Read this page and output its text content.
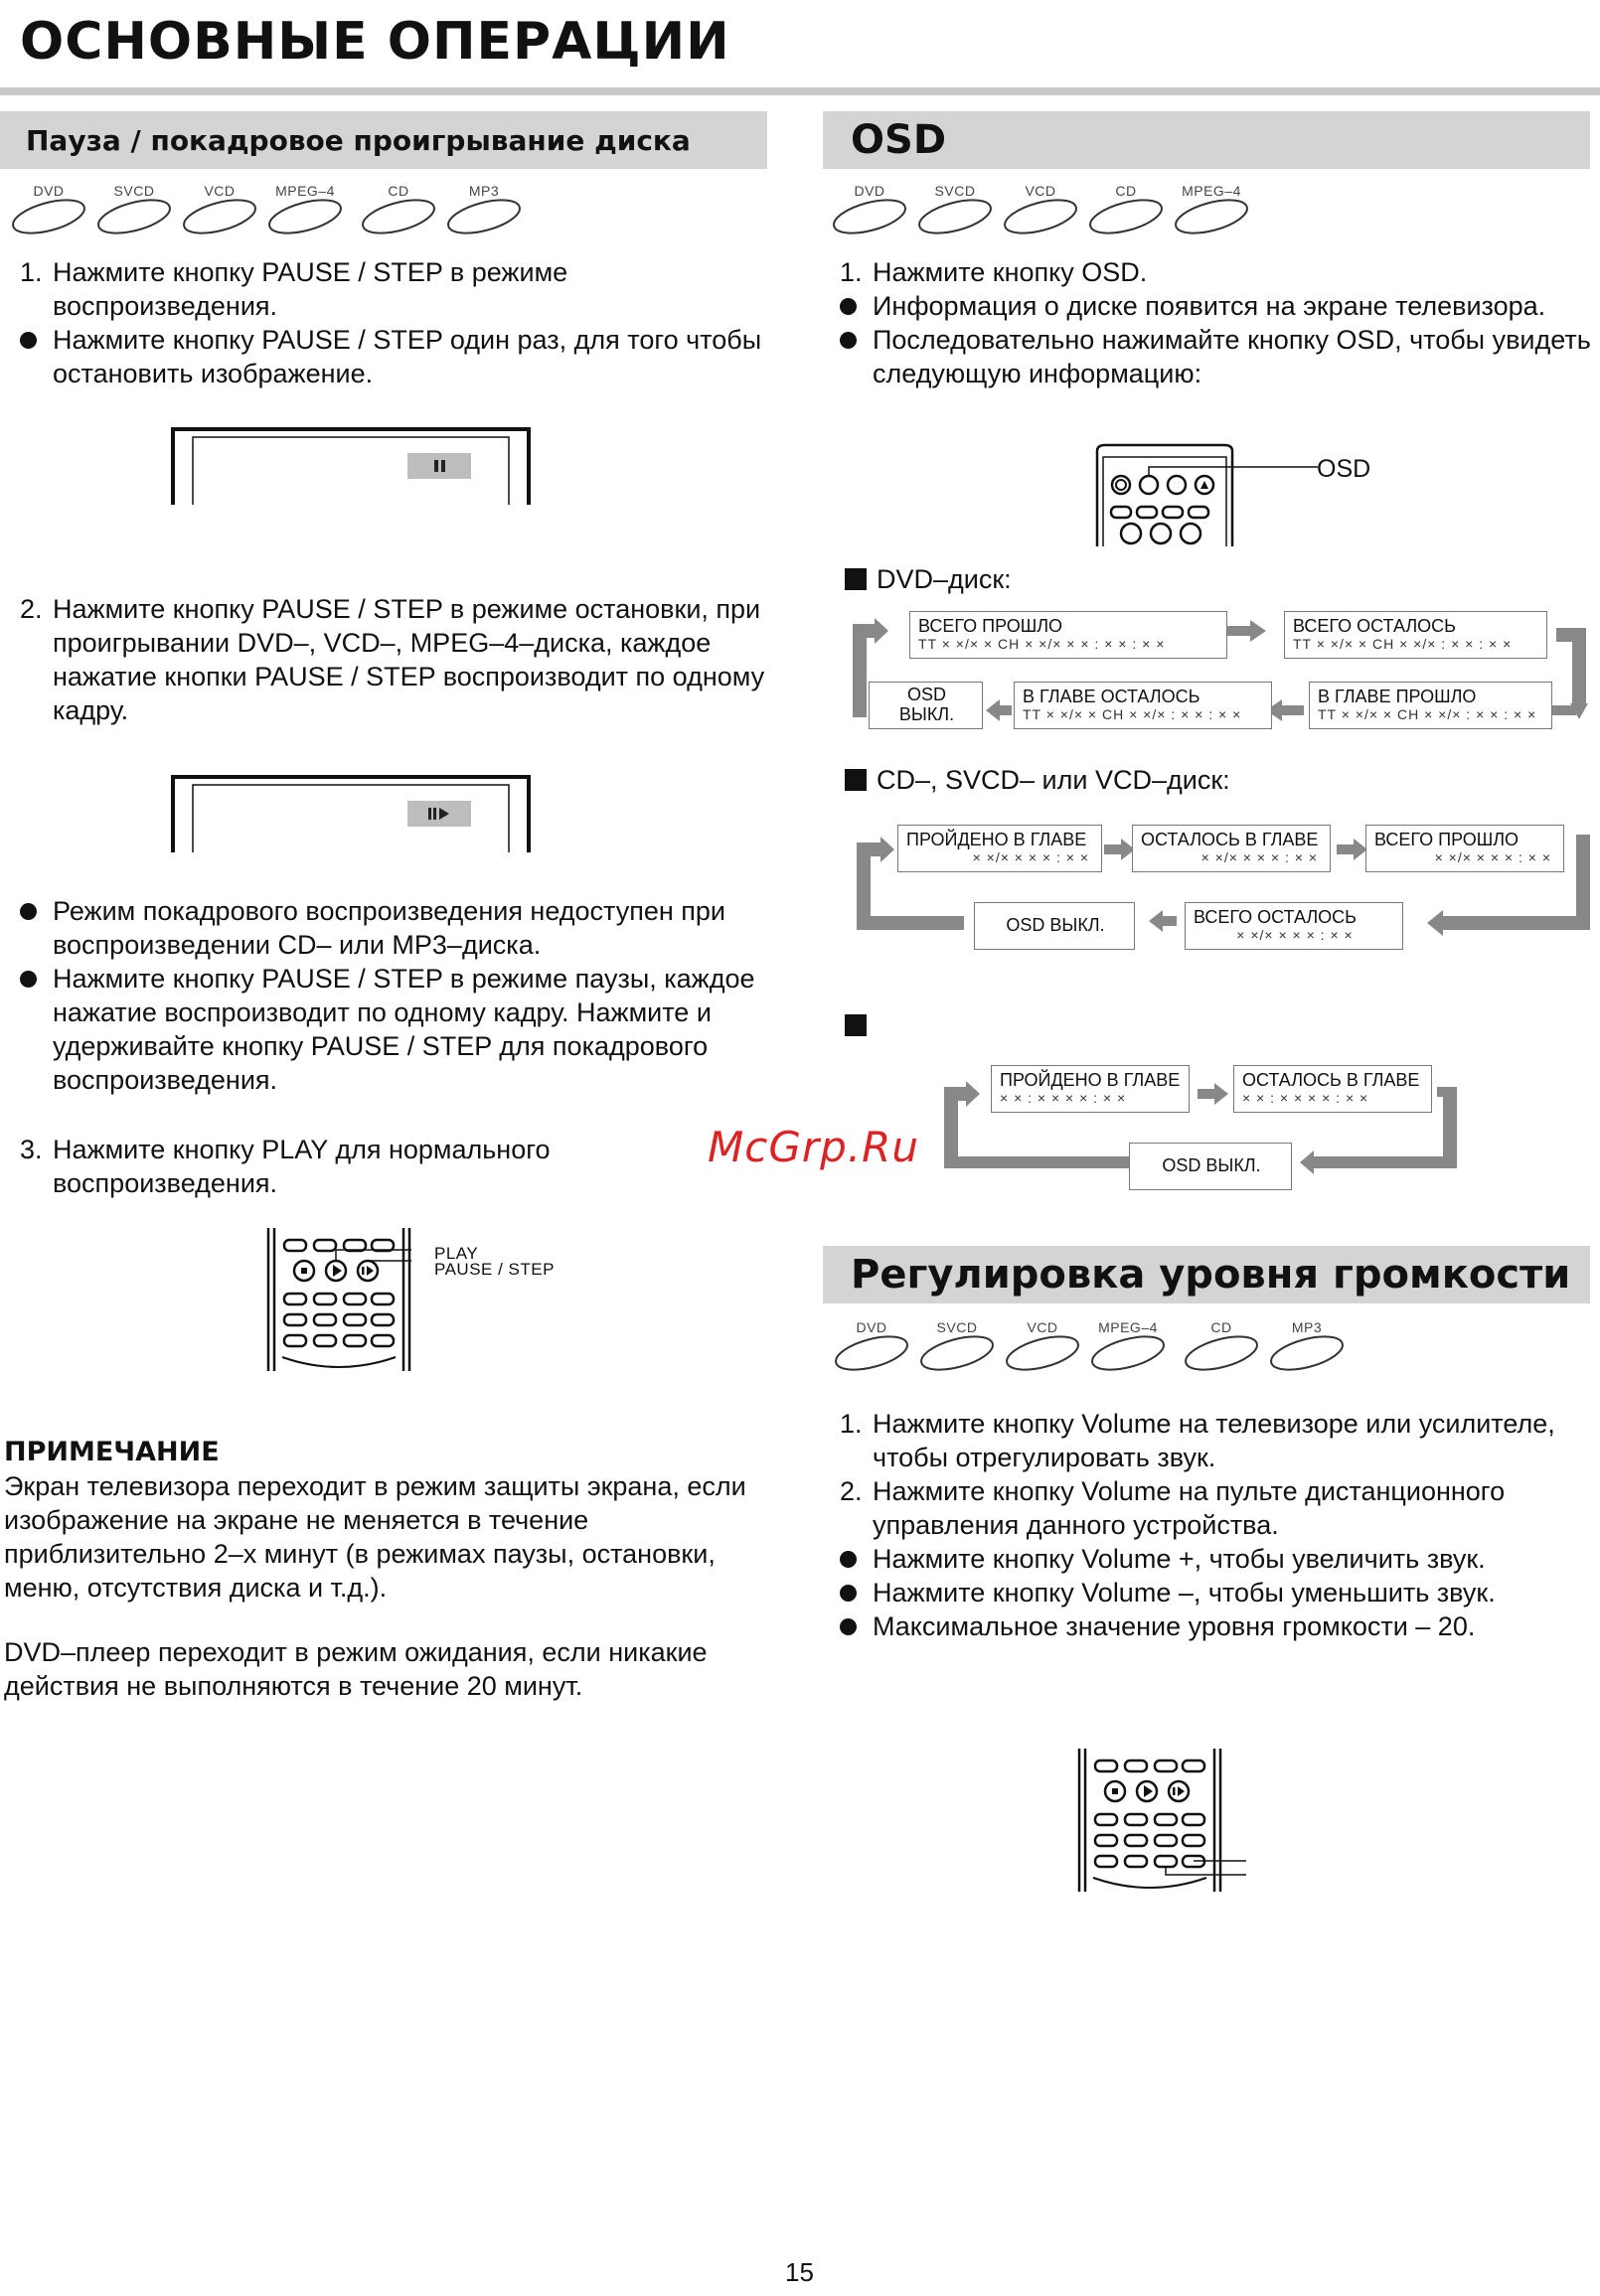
ОСНОВНЫЕ ОПЕРАЦИИ
Пауза / покадровое проигрывание диска
DVD	SVCD	VCD	MPEG–4	CD	MP3
1. Нажмите кнопку PAUSE / STEP в режиме воспроизведения.
Нажмите кнопку PAUSE / STEP один раз, для того чтобы остановить изображение.
2. Нажмите кнопку PAUSE / STEP в режиме остановки, при проигрывании DVD–, VCD–, MPEG–4–диска, каждое нажатие кнопки PAUSE / STEP воспроизводит по одному кадру.
Режим покадрового воспроизведения недоступен при воспроизведении CD– или MP3–диска.
Нажмите кнопку PAUSE / STEP в режиме паузы, каждое нажатие воспроизводит по одному кадру. Нажмите и удерживайте кнопку PAUSE / STEP для покадрового воспроизведения.
3. Нажмите кнопку PLAY для нормального воспроизведения.
PLAY
PAUSE / STEP
ПРИМЕЧАНИЕ
Экран телевизора переходит в режим защиты экрана, если изображение на экране не меняется в течение приблизительно 2–х минут (в режимах паузы, остановки, меню, отсутствия диска и т.д.).
DVD–плеер переходит в режим ожидания, если никакие действия не выполняются в течение 20 минут.
McGrp.Ru
OSD
DVD	SVCD	VCD	CD	MPEG–4
1. Нажмите кнопку OSD.
Информация о диске появится на экране телевизора.
Последовательно нажимайте кнопку OSD, чтобы увидеть следующую информацию:
OSD
DVD–диск:
ВСЕГО ПРОШЛО
TT × ×/× × CH × ×/× × × : × × : × ×
ВСЕГО ОСТАЛОСЬ
TT × ×/× × CH × ×/× : × × : × ×
В ГЛАВЕ ПРОШЛО
TT × ×/× × CH × ×/× : × × : × ×
В ГЛАВЕ ОСТАЛОСЬ
TT × ×/× × CH × ×/× : × × : × ×
OSD ВЫКЛ.
CD–, SVCD– или VCD–диск:
ПРОЙДЕНО В ГЛАВЕ
× ×/× × × × : × ×
ОСТАЛОСЬ В ГЛАВЕ
× ×/× × × × : × ×
ВСЕГО ПРОШЛО
× ×/× × × × : × ×
ВСЕГО ОСТАЛОСЬ
× ×/× × × × : × ×
OSD ВЫКЛ.
ПРОЙДЕНО В ГЛАВЕ
× × : × × × × : × ×
ОСТАЛОСЬ В ГЛАВЕ
× × : × × × × : × ×
OSD ВЫКЛ.
Регулировка уровня громкости
DVD	SVCD	VCD	MPEG–4	CD	MP3
1. Нажмите кнопку Volume на телевизоре или усилителе, чтобы отрегулировать звук.
2. Нажмите кнопку Volume на пульте дистанционного управления данного устройства.
Нажмите кнопку Volume +, чтобы увеличить звук.
Нажмите кнопку Volume –, чтобы уменьшить звук.
Максимальное значение уровня громкости – 20.
15
